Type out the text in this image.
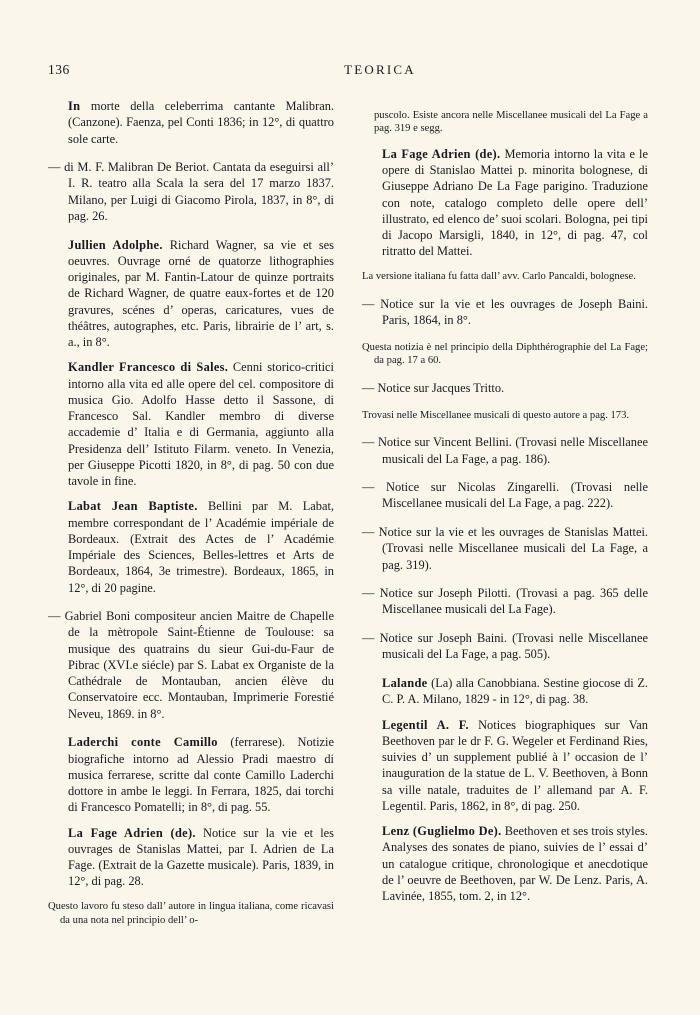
136	TEORICA

In morte della celeberrima cantante Malibran. (Canzone). Faenza, pel Conti 1836; in 12°, di quattro sole carte.

— di M. F. Malibran De Beriot. Cantata da eseguirsi all’ I. R. teatro alla Scala la sera del 17 marzo 1837. Milano, per Luigi di Giacomo Pirola, 1837, in 8°, di pag. 26.

Jullien Adolphe. Richard Wagner, sa vie et ses oeuvres. Ouvrage orné de quatorze lithographies originales, par M. Fantin-Latour de quinze portraits de Richard Wagner, de quatre eaux-fortes et de 120 gravures, scénes d’ operas, caricatures, vues de théâtres, autographes, etc. Paris, librairie de l’ art, s. a., in 8°.

Kandler Francesco di Sales. Cenni storico-critici intorno alla vita ed alle opere del cel. compositore di musica Gio. Adolfo Hasse detto il Sassone, di Francesco Sal. Kandler membro di diverse accademie d’ Italia e di Germania, aggiunto alla Presidenza dell’ Istituto Filarm. veneto. In Venezia, per Giuseppe Picotti 1820, in 8°, di pag. 50 con due tavole in fine.

Labat Jean Baptiste. Bellini par M. Labat, membre correspondant de l’ Académie impériale de Bordeaux. (Extrait des Actes de l’ Académie Impériale des Sciences, Belles-lettres et Arts de Bordeaux, 1864, 3e trimestre). Bordeaux, 1865, in 12°, di 20 pagine.

— Gabriel Boni compositeur ancien Maitre de Chapelle de la mètropole Saint-Étienne de Toulouse: sa musique des quatrains du sieur Gui-du-Faur de Pibrac (XVI.e siécle) par S. Labat ex Organiste de la Cathédrale de Montauban, ancien élève du Conservatoire ecc. Montauban, Imprimerie Forestié Neveu, 1869. in 8°.

Laderchi conte Camillo (ferrarese). Notizie biografiche intorno ad Alessio Pradi maestro di musica ferrarese, scritte dal conte Camillo Laderchi dottore in ambe le leggi. In Ferrara, 1825, dai torchi di Francesco Pomatelli; in 8°, di pag. 55.

La Fage Adrien (de). Notice sur la vie et les ouvrages de Stanislas Mattei, par I. Adrien de La Fage. (Extrait de la Gazette musicale). Paris, 1839, in 12°, di pag. 28.

Questo lavoro fu steso dall’ autore in lingua italiana, come ricavasi da una nota nel principio dell’ o-

puscolo. Esiste ancora nelle Miscellanee musicali del La Fage a pag. 319 e segg.

La Fage Adrien (de). Memoria intorno la vita e le opere di Stanislao Mattei p. minorita bolognese, di Giuseppe Adriano De La Fage parigino. Traduzione con note, catalogo completo delle opere dell’ illustrato, ed elenco de’ suoi scolari. Bologna, pei tipi di Jacopo Marsigli, 1840, in 12°, di pag. 47, col ritratto del Mattei.

La versione italiana fu fatta dall’ avv. Carlo Pancaldi, bolognese.

— Notice sur la vie et les ouvrages de Joseph Baini. Paris, 1864, in 8°.

Questa notizia è nel principio della Diphthérographie del La Fage; da pag. 17 a 60.

— Notice sur Jacques Tritto.

Trovasi nelle Miscellanee musicali di questo autore a pag. 173.

— Notice sur Vincent Bellini. (Trovasi nelle Miscellanee musicali del La Fage, a pag. 186).

— Notice sur Nicolas Zingarelli. (Trovasi nelle Miscellanee musicali del La Fage, a pag. 222).

— Notice sur la vie et les ouvrages de Stanislas Mattei. (Trovasi nelle Miscellanee musicali del La Fage, a pag. 319).

— Notice sur Joseph Pilotti. (Trovasi a pag. 365 delle Miscellanee musicali del La Fage).

— Notice sur Joseph Baini. (Trovasi nelle Miscellanee musicali del La Fage, a pag. 505).

Lalande (La) alla Canobbiana. Sestine giocose di Z. C. P. A. Milano, 1829 - in 12°, di pag. 38.

Legentil A. F. Notices biographiques sur Van Beethoven par le dr F. G. Wegeler et Ferdinand Ries, suivies d’ un supplement publié à l’ occasion de l’ inauguration de la statue de L. V. Beethoven, à Bonn sa ville natale, traduites de l’ allemand par A. F. Legentil. Paris, 1862, in 8°, di pag. 250.

Lenz (Guglielmo De). Beethoven et ses trois styles. Analyses des sonates de piano, suivies de l’ essai d’ un catalogue critique, chronologique et anecdotique de l’ oeuvre de Beethoven, par W. De Lenz. Paris, A. Lavinée, 1855, tom. 2, in 12°.
